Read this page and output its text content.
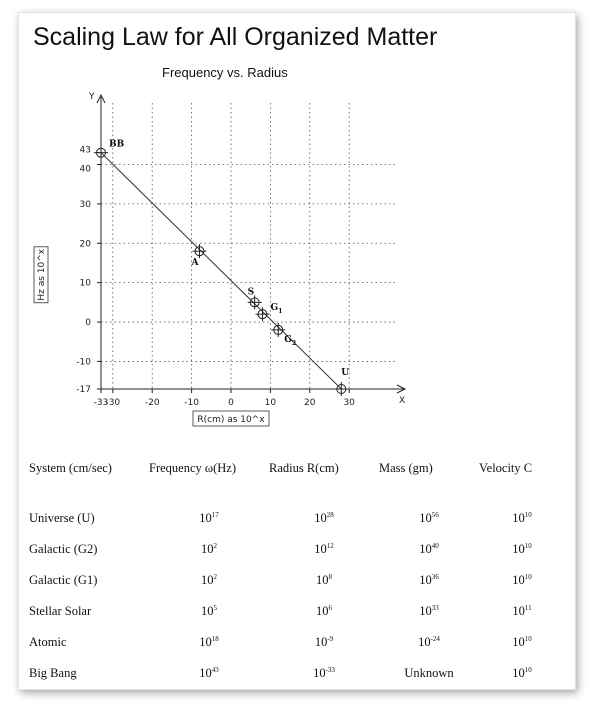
Scaling Law for All Organized Matter
Frequency vs. Radius
Y
X
-17
-10
0
10
20
30
40
43
-33
-30	-20	-10	0	10	20	30
BB
A
S
$G_1$
$G_2$
U
Hz as 10^x
R(cm) as 10^x
System (cm/sec)	Frequency ω(Hz)	Radius R(cm)	Mass (gm)	Velocity C

Universe (U)	$10^{17}$	$10^{28}$	$10^{56}$	$10^{10}$
Galactic (G2)	$10^2$	$10^{12}$	$10^{40}$	$10^{10}$
Galactic (G1)	$10^2$	$10^8$	$10^{36}$	$10^{10}$
Stellar Solar	$10^5$	$10^6$	$10^{33}$	$10^{11}$
Atomic	$10^{18}$	$10^{-9}$	$10^{-24}$	$10^{10}$
Big Bang	$10^{43}$	$10^{-33}$	Unknown	$10^{10}$
